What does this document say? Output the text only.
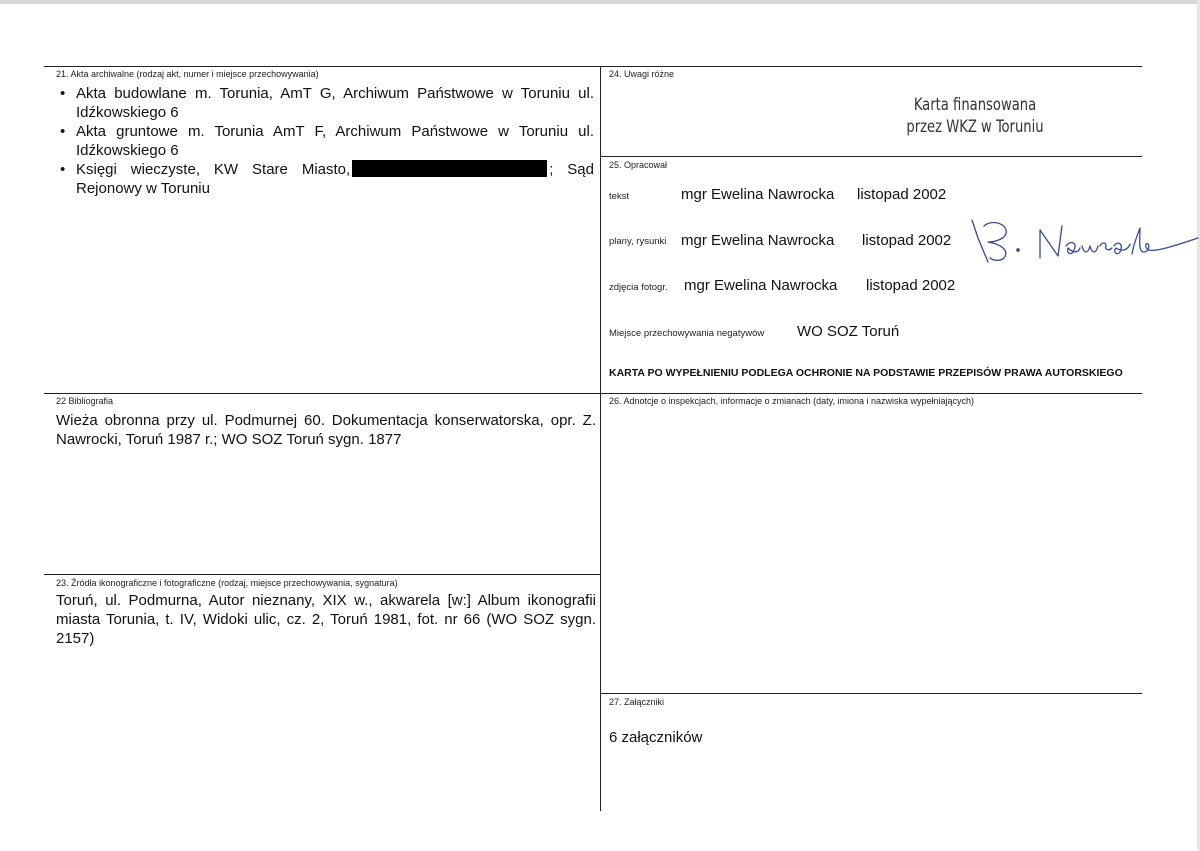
21. Akta archiwalne (rodzaj akt, numer i miejsce przechowywania)
• Akta budowlane m. Torunia, AmT G, Archiwum Państwowe w Toruniu ul. Idźkowskiego 6
• Akta gruntowe m. Torunia AmT F, Archiwum Państwowe w Toruniu ul. Idźkowskiego 6
• Księgi wieczyste, KW Stare Miasto,	; Sąd Rejonowy w Toruniu
22 Bibliografia
Wieża obronna przy ul. Podmurnej 60. Dokumentacja konserwatorska, opr. Z. Nawrocki, Toruń 1987 r.; WO SOZ Toruń sygn. 1877
23. Źródła ikonograficzne i fotograficzne (rodzaj, miejsce przechowywania, sygnatura)
Toruń, ul. Podmurna, Autor nieznany, XIX w., akwarela [w:] Album ikonografii miasta Torunia, t. IV, Widoki ulic, cz. 2, Toruń 1981, fot. nr 66 (WO SOZ sygn. 2157)
24. Uwagi różne
Karta finansowana
przez WKZ w Toruniu
25. Opracował
tekst	mgr Ewelina Nawrocka listopad 2002
plany, rysunki mgr Ewelina Nawrocka listopad 2002
zdjęcia fotogr. mgr Ewelina Nawrocka listopad 2002
Miejsce przechowywania negatywów WO SOZ Toruń
KARTA PO WYPEŁNIENIU PODLEGA OCHRONIE NA PODSTAWIE PRZEPISÓW PRAWA AUTORSKIEGO
26. Adnotcje o inspekcjach, informacje o zmianach (daty, imiona i nazwiska wypełniających)
27. Załączniki
6 załączników
